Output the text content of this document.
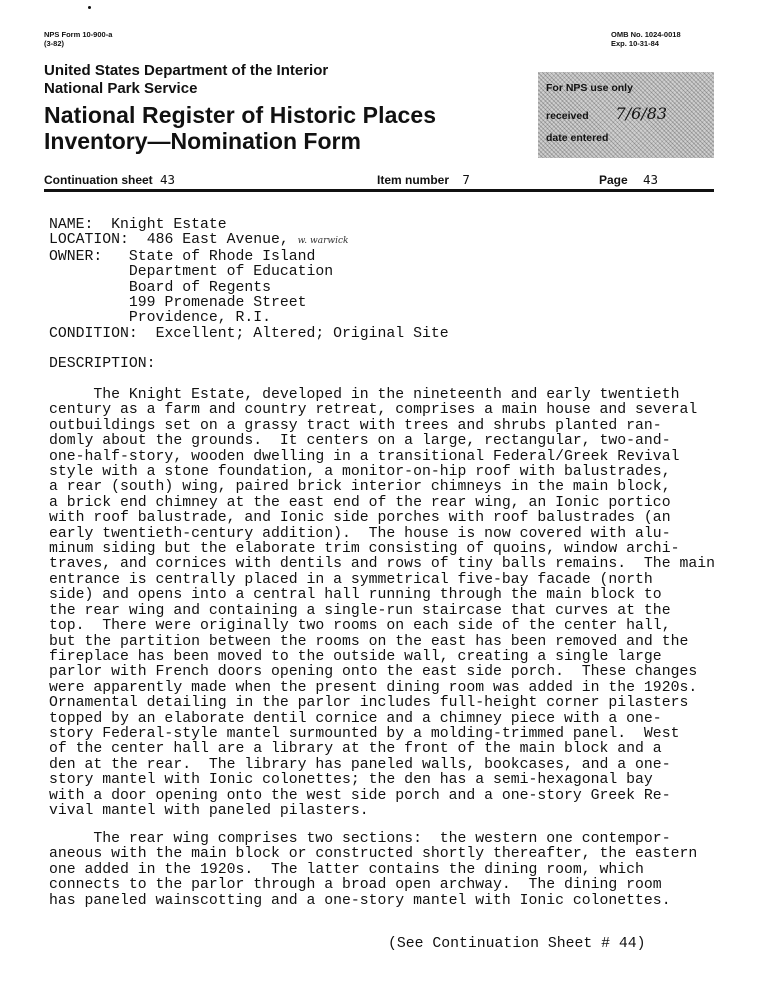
NPS Form 10-900-a
(3-82)
OMB No. 1024-0018
Exp. 10-31-84
United States Department of the Interior
National Park Service
National Register of Historic Places
Inventory—Nomination Form
For NPS use only
received 7/6/83
date entered
Continuation sheet 43	Item number 7	Page 43
NAME: Knight Estate
LOCATION: 486 East Avenue, w. warwick
OWNER: State of Rhode Island
Department of Education
Board of Regents
199 Promenade Street
Providence, R.I.
CONDITION: Excellent; Altered; Original Site
DESCRIPTION:
The Knight Estate, developed in the nineteenth and early twentieth
century as a farm and country retreat, comprises a main house and several
outbuildings set on a grassy tract with trees and shrubs planted ran-
domly about the grounds.  It centers on a large, rectangular, two-and-
one-half-story, wooden dwelling in a transitional Federal/Greek Revival
style with a stone foundation, a monitor-on-hip roof with balustrades,
a rear (south) wing, paired brick interior chimneys in the main block,
a brick end chimney at the east end of the rear wing, an Ionic portico
with roof balustrade, and Ionic side porches with roof balustrades (an
early twentieth-century addition).  The house is now covered with alu-
minum siding but the elaborate trim consisting of quoins, window archi-
traves, and cornices with dentils and rows of tiny balls remains.  The main
entrance is centrally placed in a symmetrical five-bay facade (north
side) and opens into a central hall running through the main block to
the rear wing and containing a single-run staircase that curves at the
top.  There were originally two rooms on each side of the center hall,
but the partition between the rooms on the east has been removed and the
fireplace has been moved to the outside wall, creating a single large
parlor with French doors opening onto the east side porch.  These changes
were apparently made when the present dining room was added in the 1920s.
Ornamental detailing in the parlor includes full-height corner pilasters
topped by an elaborate dentil cornice and a chimney piece with a one-
story Federal-style mantel surmounted by a molding-trimmed panel.  West
of the center hall are a library at the front of the main block and a
den at the rear.  The library has paneled walls, bookcases, and a one-
story mantel with Ionic colonettes; the den has a semi-hexagonal bay
with a door opening onto the west side porch and a one-story Greek Re-
vival mantel with paneled pilasters.
The rear wing comprises two sections:  the western one contempor-
aneous with the main block or constructed shortly thereafter, the eastern
one added in the 1920s.  The latter contains the dining room, which
connects to the parlor through a broad open archway.  The dining room
has paneled wainscotting and a one-story mantel with Ionic colonettes.
(See Continuation Sheet # 44)
